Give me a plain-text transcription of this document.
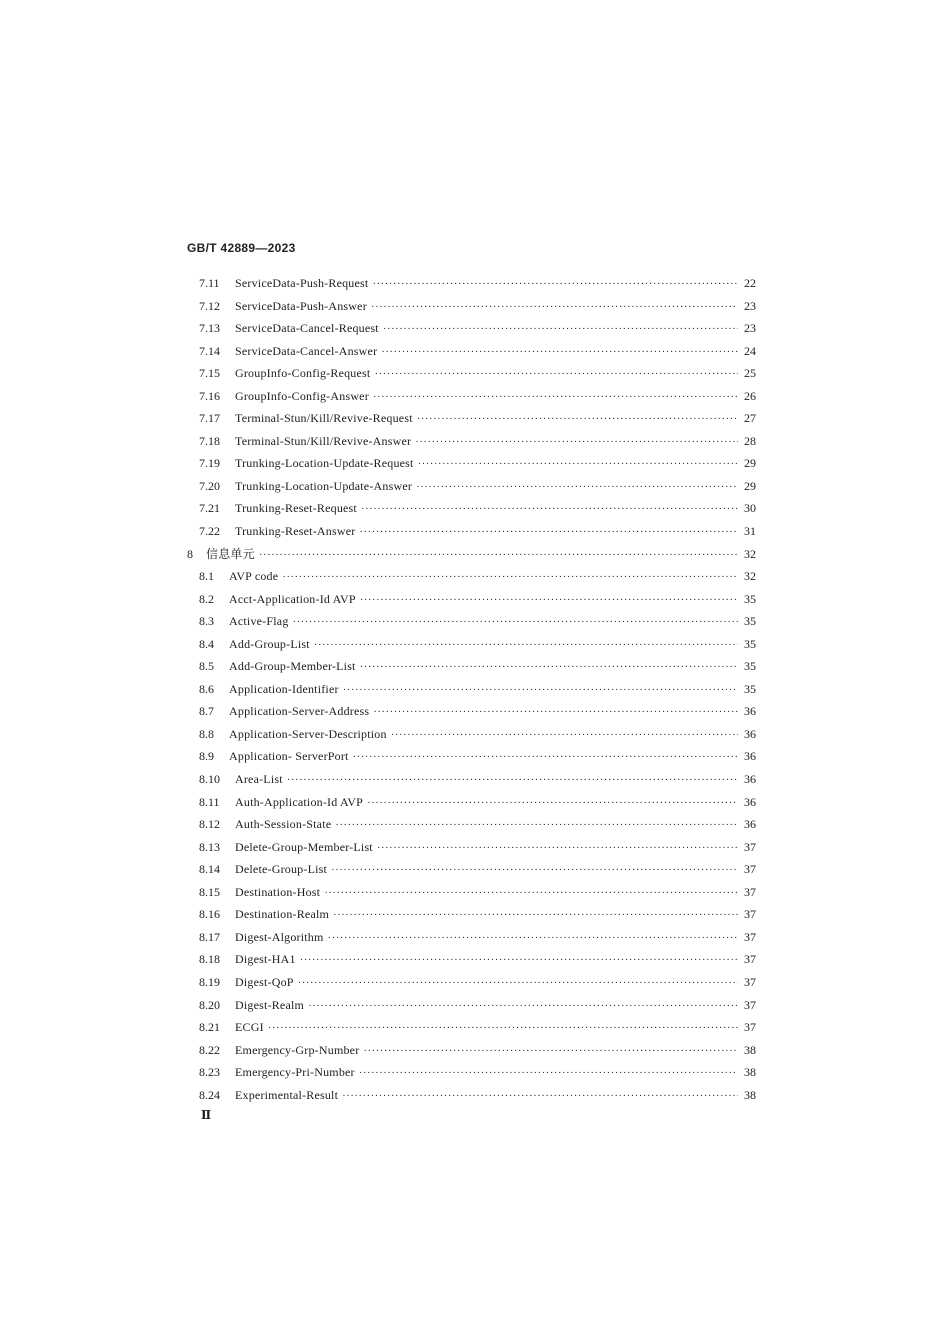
GB/T 42889—2023
7.11 ServiceData-Push-Request ·····	22
7.12 ServiceData-Push-Answer ·····	23
7.13 ServiceData-Cancel-Request ·····	23
7.14 ServiceData-Cancel-Answer ·····	24
7.15 GroupInfo-Config-Request ·····	25
7.16 GroupInfo-Config-Answer ·····	26
7.17 Terminal-Stun/Kill/Revive-Request ·····	27
7.18 Terminal-Stun/Kill/Revive-Answer ·····	28
7.19 Trunking-Location-Update-Request ·····	29
7.20 Trunking-Location-Update-Answer ·····	29
7.21 Trunking-Reset-Request ·····	30
7.22 Trunking-Reset-Answer ·····	31
8 信息单元 ·····	32
8.1 AVP code ·····	32
8.2 Acct-Application-Id AVP ·····	35
8.3 Active-Flag ·····	35
8.4 Add-Group-List ·····	35
8.5 Add-Group-Member-List ·····	35
8.6 Application-Identifier ·····	35
8.7 Application-Server-Address ·····	36
8.8 Application-Server-Description ·····	36
8.9 Application- ServerPort ·····	36
8.10 Area-List ·····	36
8.11 Auth-Application-Id AVP ·····	36
8.12 Auth-Session-State ·····	36
8.13 Delete-Group-Member-List ·····	37
8.14 Delete-Group-List ·····	37
8.15 Destination-Host ·····	37
8.16 Destination-Realm ·····	37
8.17 Digest-Algorithm ·····	37
8.18 Digest-HA1 ·····	37
8.19 Digest-QoP ·····	37
8.20 Digest-Realm ·····	37
8.21 ECGI ·····	37
8.22 Emergency-Grp-Number ·····	38
8.23 Emergency-Pri-Number ·····	38
8.24 Experimental-Result ·····	38
Ⅱ
